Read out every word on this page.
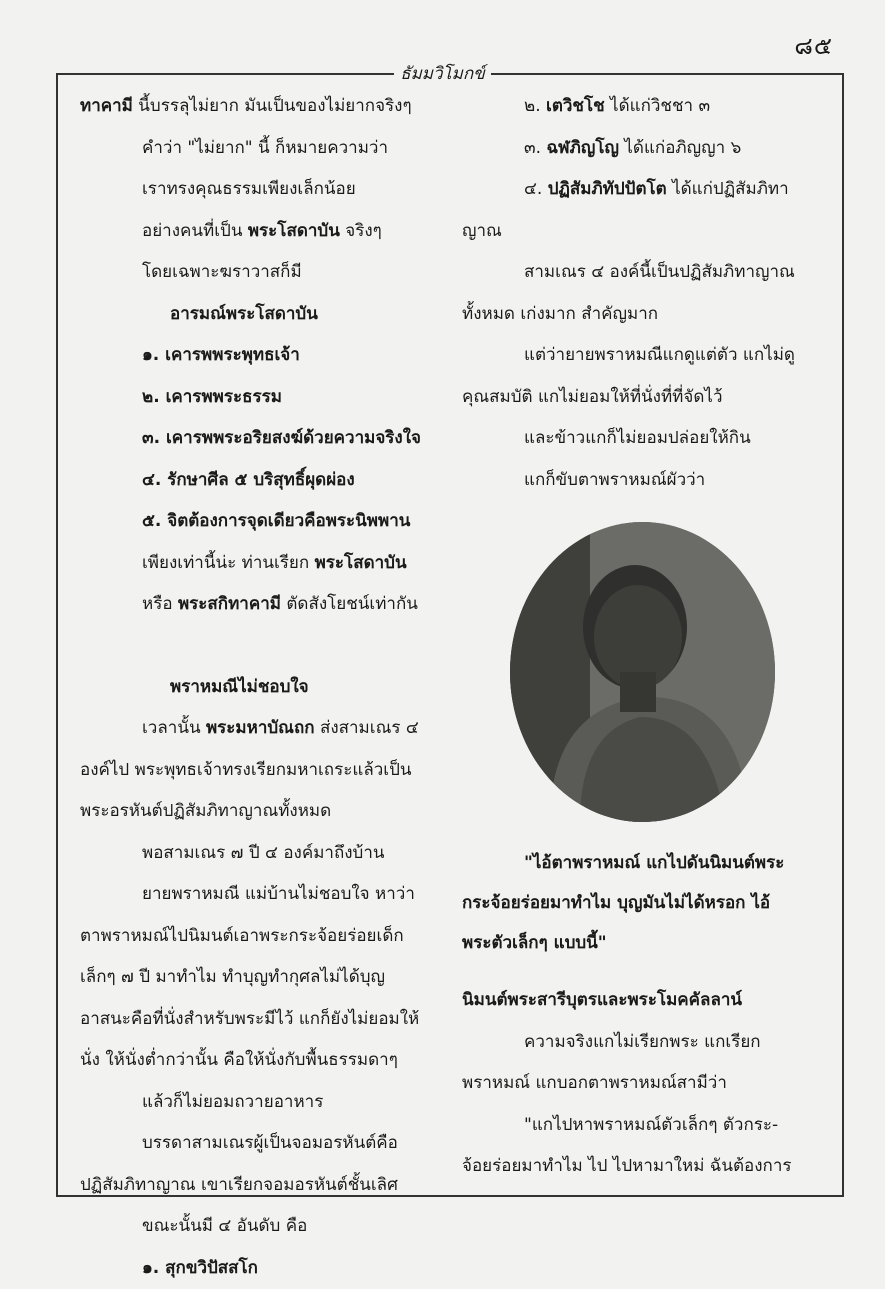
๘๕
ธัมมวิโมกข์
ทาคามี นี้บรรลุไม่ยาก มันเป็นของไม่ยากจริงๆ
คำว่า "ไม่ยาก" นี้ ก็หมายความว่า
เราทรงคุณธรรมเพียงเล็กน้อย
อย่างคนที่เป็น พระโสดาบัน จริงๆ
โดยเฉพาะฆราวาสก็มี
อารมณ์พระโสดาบัน
๑. เคารพพระพุทธเจ้า
๒. เคารพพระธรรม
๓. เคารพพระอริยสงฆ์ด้วยความจริงใจ
๔. รักษาศีล ๕ บริสุทธิ์ผุดผ่อง
๕. จิตต้องการจุดเดียวคือพระนิพพาน
เพียงเท่านี้น่ะ ท่านเรียก พระโสดาบัน
หรือ พระสกิทาคามี ตัดสังโยชน์เท่ากัน
พราหมณีไม่ชอบใจ
เวลานั้น พระมหาบัณถก ส่งสามเณร ๔
องค์ไป พระพุทธเจ้าทรงเรียกมหาเถระแล้วเป็น
พระอรหันต์ปฏิสัมภิทาญาณทั้งหมด
พอสามเณร ๗ ปี ๔ องค์มาถึงบ้าน
ยายพราหมณี แม่บ้านไม่ชอบใจ หาว่า
ตาพราหมณ์ไปนิมนต์เอาพระกระจ้อยร่อยเด็ก
เล็กๆ ๗ ปี มาทำไม ทำบุญทำกุศลไม่ได้บุญ
อาสนะคือที่นั่งสำหรับพระมีไว้ แกก็ยังไม่ยอมให้
นั่ง ให้นั่งต่ำกว่านั้น คือให้นั่งกับพื้นธรรมดาๆ
แล้วก็ไม่ยอมถวายอาหาร
บรรดาสามเณรผู้เป็นจอมอรหันต์คือ
ปฏิสัมภิทาญาณ เขาเรียกจอมอรหันต์ชั้นเลิศ
ขณะนั้นมี ๔ อันดับ คือ
๑. สุกขวิปัสสโก
๒. เตวิชโช ได้แก่วิชชา ๓
๓. ฉฬภิญโญ ได้แก่อภิญญา ๖
๔. ปฏิสัมภิทัปปัตโต ได้แก่ปฏิสัมภิทา
ญาณ
สามเณร ๔ องค์นี้เป็นปฏิสัมภิทาญาณ
ทั้งหมด เก่งมาก สำคัญมาก
แต่ว่ายายพราหมณีแกดูแต่ตัว แกไม่ดู
คุณสมบัติ แกไม่ยอมให้ที่นั่งที่ที่จัดไว้
และข้าวแกก็ไม่ยอมปล่อยให้กิน
แกก็ขับตาพราหมณ์ผัวว่า
"ไอ้ตาพราหมณ์ แกไปดันนิมนต์พระ
กระจ้อยร่อยมาทำไม บุญมันไม่ได้หรอก ไอ้
พระตัวเล็กๆ แบบนี้"
นิมนต์พระสารีบุตรและพระโมคคัลลาน์
ความจริงแกไม่เรียกพระ แกเรียก
พราหมณ์ แกบอกตาพราหมณ์สามีว่า
"แกไปหาพราหมณ์ตัวเล็กๆ ตัวกระ-
จ้อยร่อยมาทำไม ไป ไปหามาใหม่ ฉันต้องการ
